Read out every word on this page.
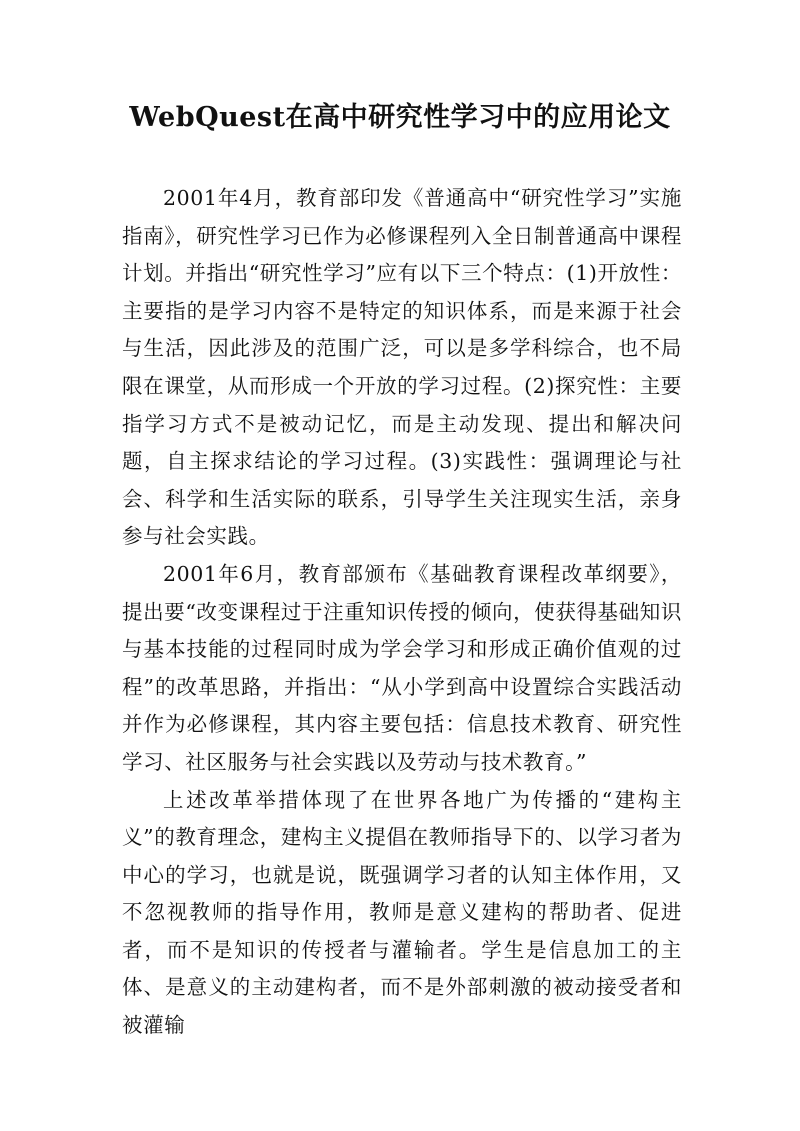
WebQuest在高中研究性学习中的应用论文

2001年4月，教育部印发《普通高中“研究性学习”实施指南》，研究性学习已作为必修课程列入全日制普通高中课程计划。并指出“研究性学习”应有以下三个特点：(1)开放性：主要指的是学习内容不是特定的知识体系，而是来源于社会与生活，因此涉及的范围广泛，可以是多学科综合，也不局限在课堂，从而形成一个开放的学习过程。(2)探究性：主要指学习方式不是被动记忆，而是主动发现、提出和解决问题，自主探求结论的学习过程。(3)实践性：强调理论与社会、科学和生活实际的联系，引导学生关注现实生活，亲身参与社会实践。

2001年6月，教育部颁布《基础教育课程改革纲要》，提出要“改变课程过于注重知识传授的倾向，使获得基础知识与基本技能的过程同时成为学会学习和形成正确价值观的过程”的改革思路，并指出：“从小学到高中设置综合实践活动并作为必修课程，其内容主要包括：信息技术教育、研究性学习、社区服务与社会实践以及劳动与技术教育。”

上述改革举措体现了在世界各地广为传播的“建构主义”的教育理念，建构主义提倡在教师指导下的、以学习者为中心的学习，也就是说，既强调学习者的认知主体作用，又不忽视教师的指导作用，教师是意义建构的帮助者、促进者，而不是知识的传授者与灌输者。学生是信息加工的主体、是意义的主动建构者，而不是外部刺激的被动接受者和被灌输
